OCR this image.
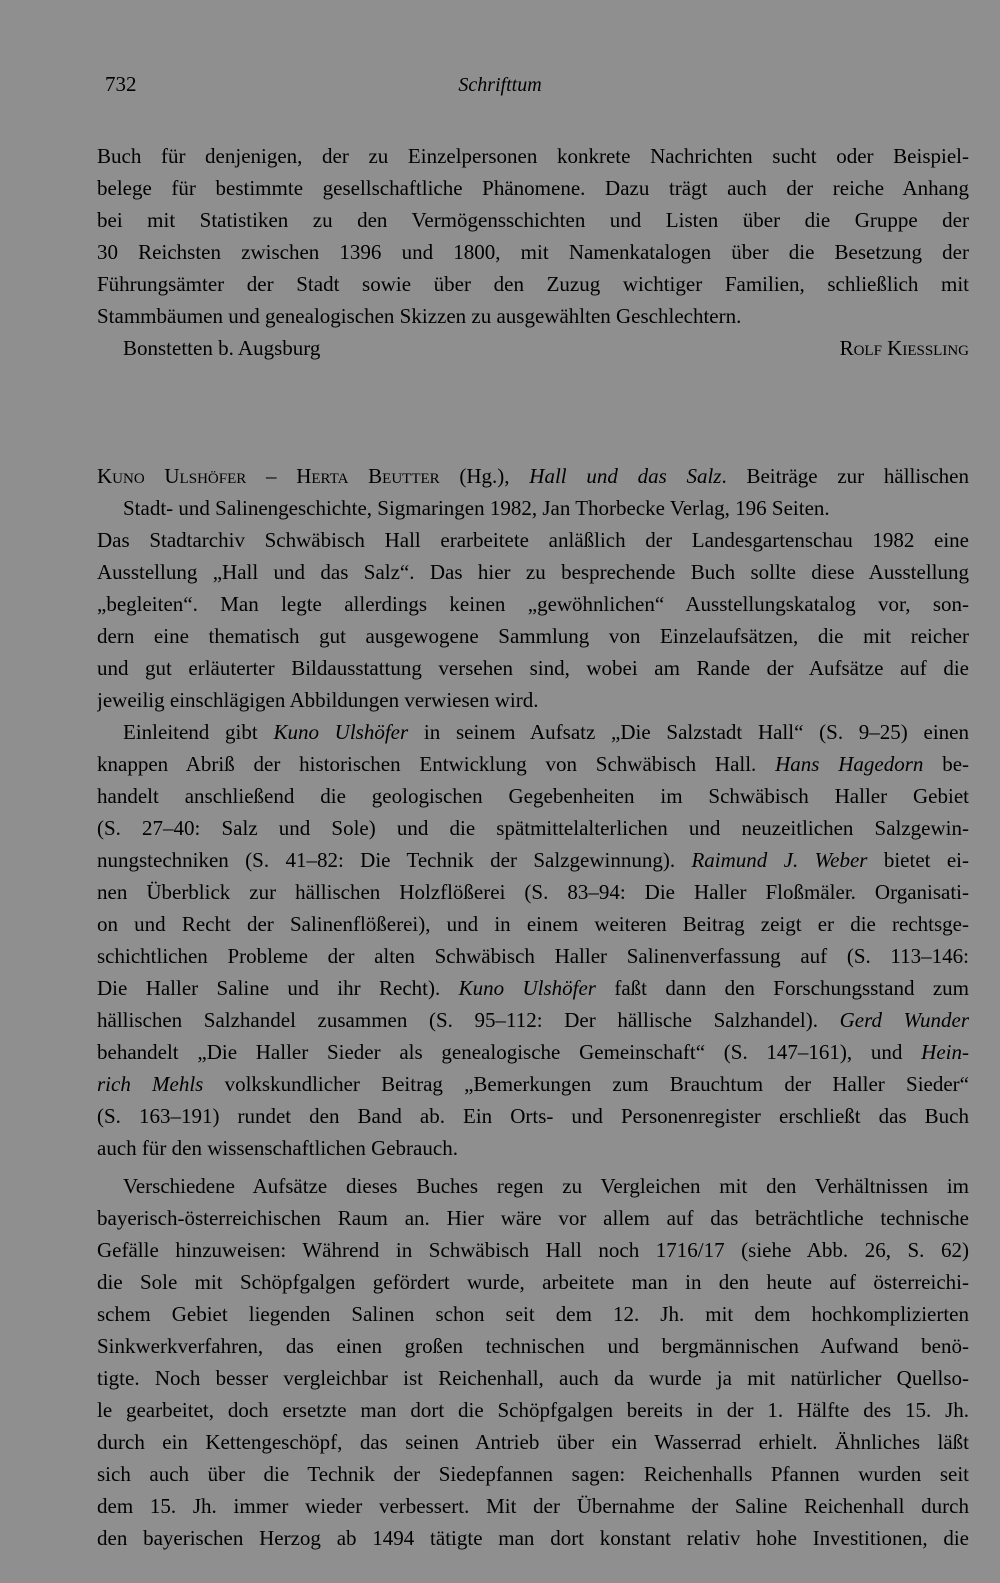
732	Schrifttum
Buch für denjenigen, der zu Einzelpersonen konkrete Nachrichten sucht oder Beispiel-
belege für bestimmte gesellschaftliche Phänomene. Dazu trägt auch der reiche Anhang
bei mit Statistiken zu den Vermögensschichten und Listen über die Gruppe der
30 Reichsten zwischen 1396 und 1800, mit Namenkatalogen über die Besetzung der
Führungsämter der Stadt sowie über den Zuzug wichtiger Familien, schließlich mit
Stammbäumen und genealogischen Skizzen zu ausgewählten Geschlechtern.
Bonstetten b. Augsburg	Rolf Kiessling
Kuno Ulshöfer – Herta Beutter (Hg.), Hall und das Salz. Beiträge zur hällischen
Stadt- und Salinengeschichte, Sigmaringen 1982, Jan Thorbecke Verlag, 196 Seiten.
Das Stadtarchiv Schwäbisch Hall erarbeitete anläßlich der Landesgartenschau 1982 eine
Ausstellung „Hall und das Salz“. Das hier zu besprechende Buch sollte diese Ausstellung
„begleiten“. Man legte allerdings keinen „gewöhnlichen“ Ausstellungskatalog vor, son-
dern eine thematisch gut ausgewogene Sammlung von Einzelaufsätzen, die mit reicher
und gut erläuterter Bildausstattung versehen sind, wobei am Rande der Aufsätze auf die
jeweilig einschlägigen Abbildungen verwiesen wird.
Einleitend gibt Kuno Ulshöfer in seinem Aufsatz „Die Salzstadt Hall“ (S. 9–25) einen
knappen Abriß der historischen Entwicklung von Schwäbisch Hall. Hans Hagedorn be-
handelt anschließend die geologischen Gegebenheiten im Schwäbisch Haller Gebiet
(S. 27–40: Salz und Sole) und die spätmittelalterlichen und neuzeitlichen Salzgewin-
nungstechniken (S. 41–82: Die Technik der Salzgewinnung). Raimund J. Weber bietet ei-
nen Überblick zur hällischen Holzflößerei (S. 83–94: Die Haller Floßmäler. Organisati-
on und Recht der Salinenflößerei), und in einem weiteren Beitrag zeigt er die rechtsge-
schichtlichen Probleme der alten Schwäbisch Haller Salinenverfassung auf (S. 113–146:
Die Haller Saline und ihr Recht). Kuno Ulshöfer faßt dann den Forschungsstand zum
hällischen Salzhandel zusammen (S. 95–112: Der hällische Salzhandel). Gerd Wunder
behandelt „Die Haller Sieder als genealogische Gemeinschaft“ (S. 147–161), und Hein-
rich Mehls volkskundlicher Beitrag „Bemerkungen zum Brauchtum der Haller Sieder“
(S. 163–191) rundet den Band ab. Ein Orts- und Personenregister erschließt das Buch
auch für den wissenschaftlichen Gebrauch.
Verschiedene Aufsätze dieses Buches regen zu Vergleichen mit den Verhältnissen im
bayerisch-österreichischen Raum an. Hier wäre vor allem auf das beträchtliche technische
Gefälle hinzuweisen: Während in Schwäbisch Hall noch 1716/17 (siehe Abb. 26, S. 62)
die Sole mit Schöpfgalgen gefördert wurde, arbeitete man in den heute auf österreichi-
schem Gebiet liegenden Salinen schon seit dem 12. Jh. mit dem hochkomplizierten
Sinkwerkverfahren, das einen großen technischen und bergmännischen Aufwand benö-
tigte. Noch besser vergleichbar ist Reichenhall, auch da wurde ja mit natürlicher Quellso-
le gearbeitet, doch ersetzte man dort die Schöpfgalgen bereits in der 1. Hälfte des 15. Jh.
durch ein Kettengeschöpf, das seinen Antrieb über ein Wasserrad erhielt. Ähnliches läßt
sich auch über die Technik der Siedepfannen sagen: Reichenhalls Pfannen wurden seit
dem 15. Jh. immer wieder verbessert. Mit der Übernahme der Saline Reichenhall durch
den bayerischen Herzog ab 1494 tätigte man dort konstant relativ hohe Investitionen, die
